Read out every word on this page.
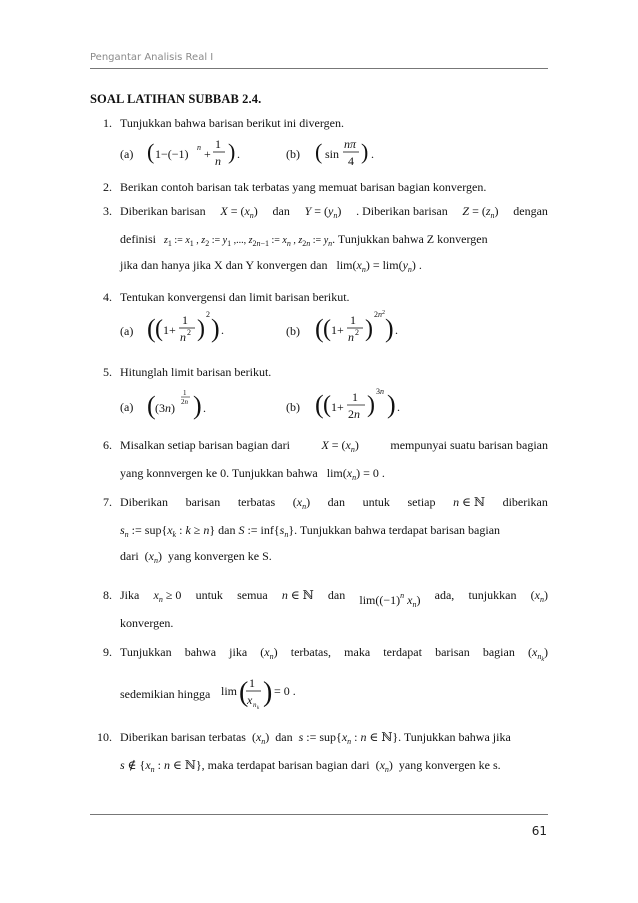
Pengantar Analisis Real I
SOAL LATIHAN SUBBAB 2.4.
1. Tunjukkan bahwa barisan berikut ini divergen.
(a) ( 1−(−1) n +
1
n ) .	(b) ( sin
nπ
4 ) .
2. Berikan contoh barisan tak terbatas yang memuat barisan bagian konvergen.
3. Diberikan barisan $X = (x_n)$ dan $Y = (y_n)$ . Diberikan barisan $Z = (z_n)$ dengan
definisi $z_1$ := $x_1$ , $z_2$ := $y_1$ ,..., $z_{2n-1}$ := $x_n$ , $z_{2n}$ := $y_n$. Tunjukkan bahwa Z konvergen
jika dan hanya jika X dan Y konvergen dan   $\lim(x_n) = \lim(y_n)$ .
4. Tentukan konvergensi dan limit barisan berikut.
(a) ( ( 1+
1
n 2 )
2 ) .	(b) ( ( 1+
1
n 2 )
$2n^2$
) .
5. Hitunglah limit barisan berikut.
(a) ( (3n)
1
2n ) .	(b) ( ( 1+
1
2n )
3n ) .
6. Misalkan setiap barisan bagian dari	$X = (x_n)$	mempunyai suatu barisan bagian
yang konnvergen ke 0. Tunjukkan bahwa   $\lim(x_n) = 0$ .
7. Diberikan barisan terbatas $(x_n)$ dan untuk setiap n ∈ ℕ diberikan
$s_n$ := $sup\{x_k$ : k ≥ n} dan S := $inf\{s_n\}$. Tunjukkan bahwa terdapat barisan bagian
dari  $(x_n)$  yang konvergen ke S.
8. Jika $x_n \ge 0$ untuk semua n ∈ ℕ dan $\lim((-1)^n$ $x_n$) ada, tunjukkan $(x_n)$
konvergen.
9. Tunjukkan bahwa jika $(x_n)$ terbatas, maka terdapat barisan bagian $(x_{n_k})$
sedemikian hingga lim ( 1
x n k
) = 0 .
10. Diberikan barisan terbatas  $(x_n)$  dan s := $sup\{x_n$ : n ∈ ℕ}. Tunjukkan bahwa jika
s ∉ {$x_n$ : n ∈ ℕ}, maka terdapat barisan bagian dari  $(x_n)$  yang konvergen ke s.
61
